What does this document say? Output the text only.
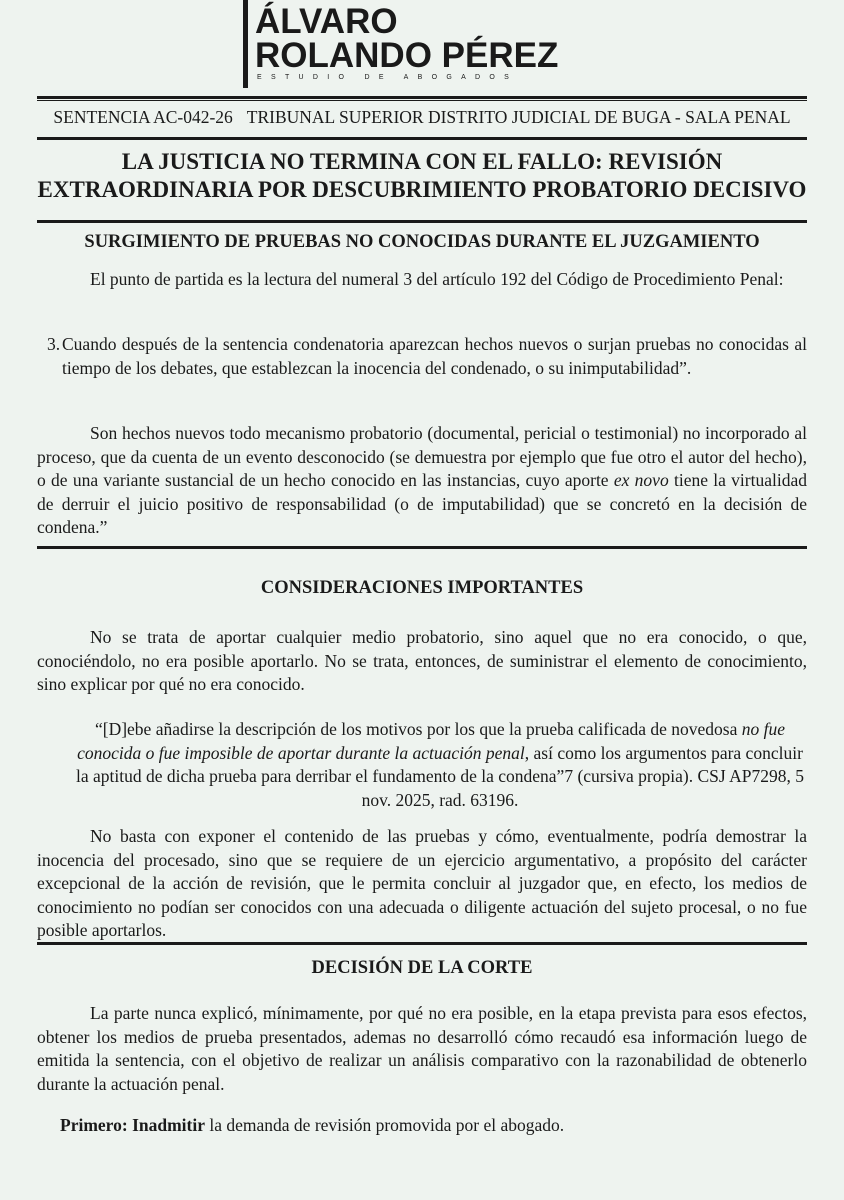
ÁLVARO
ROLANDO PÉREZ
ESTUDIO DE ABOGADOS
SENTENCIA AC-042-26 TRIBUNAL SUPERIOR DISTRITO JUDICIAL DE BUGA - SALA PENAL
LA JUSTICIA NO TERMINA CON EL FALLO: REVISIÓN
EXTRAORDINARIA POR DESCUBRIMIENTO PROBATORIO DECISIVO
SURGIMIENTO DE PRUEBAS NO CONOCIDAS DURANTE EL JUZGAMIENTO

El punto de partida es la lectura del numeral 3 del artículo 192 del Código de Procedimiento Penal:

3. Cuando después de la sentencia condenatoria aparezcan hechos nuevos o surjan pruebas no conocidas al tiempo de los debates, que establezcan la inocencia del condenado, o su inimputabilidad”.

Son hechos nuevos todo mecanismo probatorio (documental, pericial o testimonial) no incorporado al proceso, que da cuenta de un evento desconocido (se demuestra por ejemplo que fue otro el autor del hecho), o de una variante sustancial de un hecho conocido en las instancias, cuyo aporte ex novo tiene la virtualidad de derruir el juicio positivo de responsabilidad (o de imputabilidad) que se concretó en la decisión de condena.”

CONSIDERACIONES IMPORTANTES

No se trata de aportar cualquier medio probatorio, sino aquel que no era conocido, o que, conociéndolo, no era posible aportarlo. No se trata, entonces, de suministrar el elemento de conocimiento, sino explicar por qué no era conocido.

“[D]ebe añadirse la descripción de los motivos por los que la prueba calificada de novedosa no fue conocida o fue imposible de aportar durante la actuación penal, así como los argumentos para concluir la aptitud de dicha prueba para derribar el fundamento de la condena”7 (cursiva propia). CSJ AP7298, 5 nov. 2025, rad. 63196.

No basta con exponer el contenido de las pruebas y cómo, eventualmente, podría demostrar la inocencia del procesado, sino que se requiere de un ejercicio argumentativo, a propósito del carácter excepcional de la acción de revisión, que le permita concluir al juzgador que, en efecto, los medios de conocimiento no podían ser conocidos con una adecuada o diligente actuación del sujeto procesal, o no fue posible aportarlos.

DECISIÓN DE LA CORTE

La parte nunca explicó, mínimamente, por qué no era posible, en la etapa prevista para esos efectos, obtener los medios de prueba presentados, ademas no desarrolló cómo recaudó esa información luego de emitida la sentencia, con el objetivo de realizar un análisis comparativo con la razonabilidad de obtenerlo durante la actuación penal.

Primero: Inadmitir la demanda de revisión promovida por el abogado.
